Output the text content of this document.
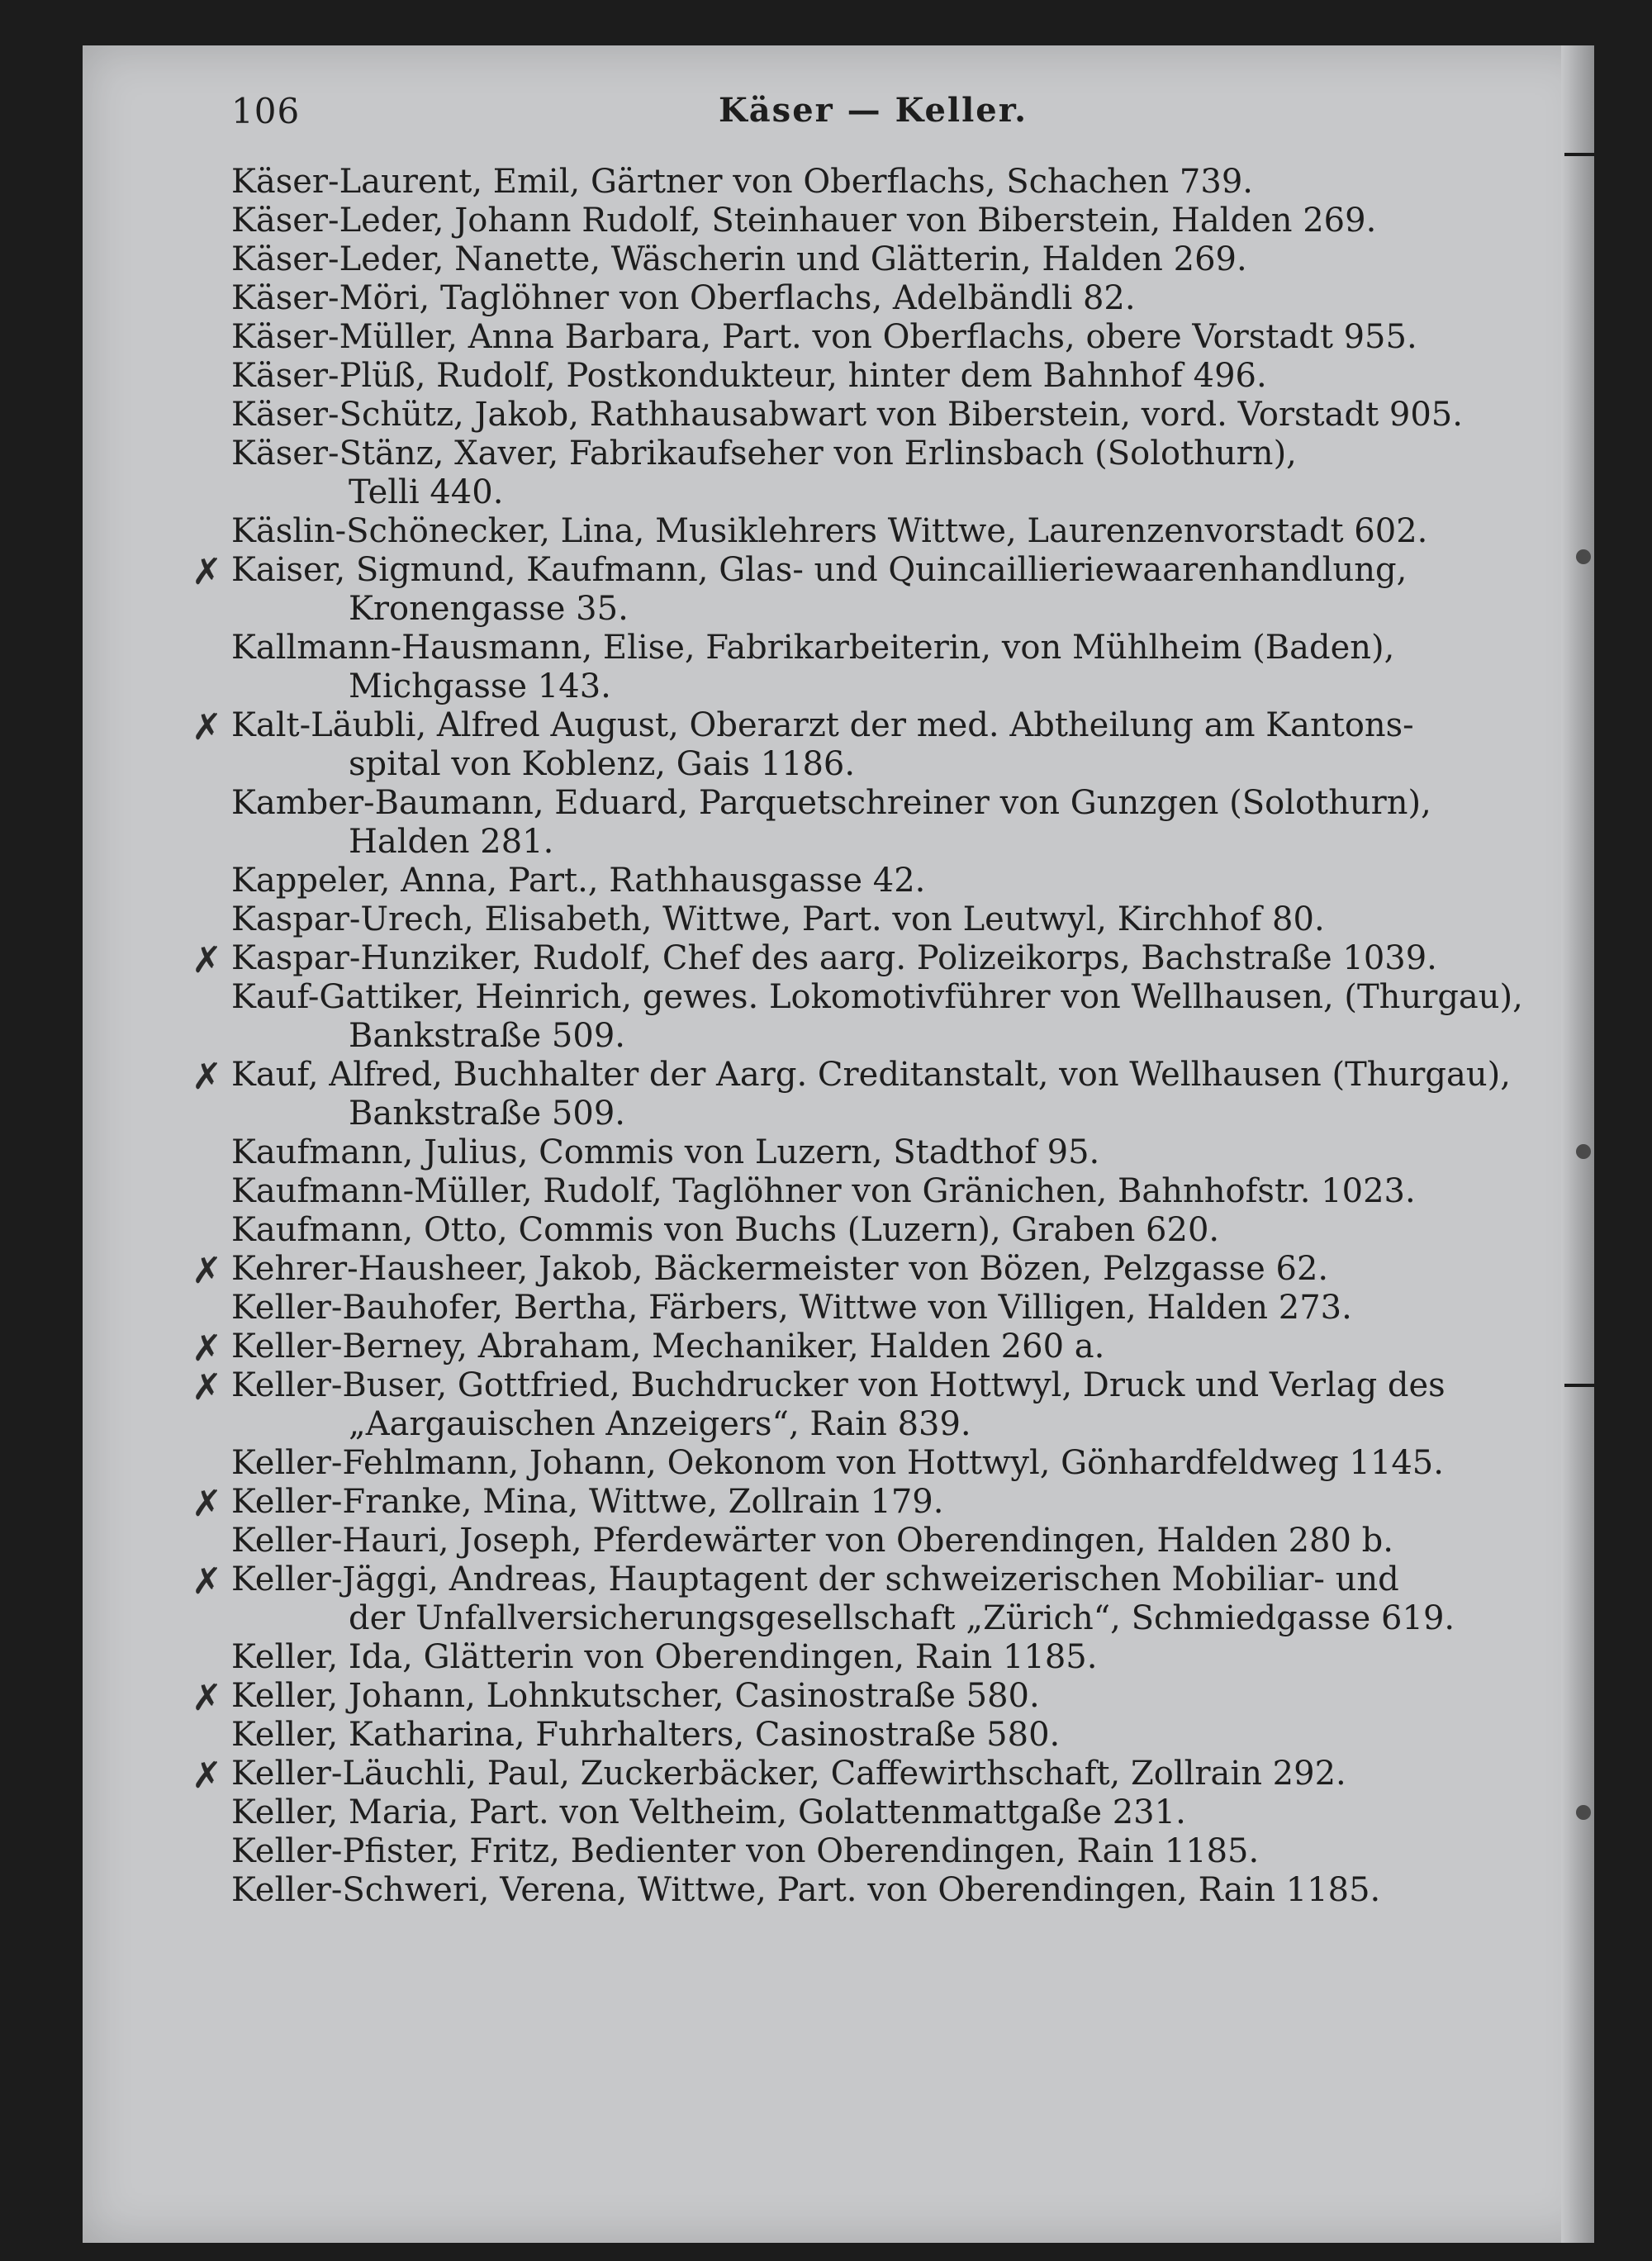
106	Käser — Keller.
Käser-Laurent, Emil, Gärtner von Oberflachs, Schachen 739.
Käser-Leder, Johann Rudolf, Steinhauer von Biberstein, Halden 269.
Käser-Leder, Nanette, Wäscherin und Glätterin, Halden 269.
Käser-Möri, Taglöhner von Oberflachs, Adelbändli 82.
Käser-Müller, Anna Barbara, Part. von Oberflachs, obere Vorstadt 955.
Käser-Plüß, Rudolf, Postkondukteur, hinter dem Bahnhof 496.
Käser-Schütz, Jakob, Rathhausabwart von Biberstein, vord. Vorstadt 905.
Käser-Stänz, Xaver, Fabrikaufseher von Erlinsbach (Solothurn),
Telli 440.
Käslin-Schönecker, Lina, Musiklehrers Wittwe, Laurenzenvorstadt 602.
✗ Kaiser, Sigmund, Kaufmann, Glas- und Quincaillieriewaarenhandlung,
Kronengasse 35.
Kallmann-Hausmann, Elise, Fabrikarbeiterin, von Mühlheim (Baden),
Michgasse 143.
✗ Kalt-Läubli, Alfred August, Oberarzt der med. Abtheilung am Kantons-
spital von Koblenz, Gais 1186.
Kamber-Baumann, Eduard, Parquetschreiner von Gunzgen (Solothurn),
Halden 281.
Kappeler, Anna, Part., Rathhausgasse 42.
Kaspar-Urech, Elisabeth, Wittwe, Part. von Leutwyl, Kirchhof 80.
✗ Kaspar-Hunziker, Rudolf, Chef des aarg. Polizeikorps, Bachstraße 1039.
Kauf-Gattiker, Heinrich, gewes. Lokomotivführer von Wellhausen, (Thurgau),
Bankstraße 509.
✗ Kauf, Alfred, Buchhalter der Aarg. Creditanstalt, von Wellhausen (Thurgau),
Bankstraße 509.
Kaufmann, Julius, Commis von Luzern, Stadthof 95.
Kaufmann-Müller, Rudolf, Taglöhner von Gränichen, Bahnhofstr. 1023.
Kaufmann, Otto, Commis von Buchs (Luzern), Graben 620.
✗ Kehrer-Hausheer, Jakob, Bäckermeister von Bözen, Pelzgasse 62.
Keller-Bauhofer, Bertha, Färbers, Wittwe von Villigen, Halden 273.
✗ Keller-Berney, Abraham, Mechaniker, Halden 260 a.
✗ Keller-Buser, Gottfried, Buchdrucker von Hottwyl, Druck und Verlag des
„Aargauischen Anzeigers“, Rain 839.
Keller-Fehlmann, Johann, Oekonom von Hottwyl, Gönhardfeldweg 1145.
✗ Keller-Franke, Mina, Wittwe, Zollrain 179.
Keller-Hauri, Joseph, Pferdewärter von Oberendingen, Halden 280 b.
✗ Keller-Jäggi, Andreas, Hauptagent der schweizerischen Mobiliar- und
der Unfallversicherungsgesellschaft „Zürich“, Schmiedgasse 619.
Keller, Ida, Glätterin von Oberendingen, Rain 1185.
✗ Keller, Johann, Lohnkutscher, Casinostraße 580.
Keller, Katharina, Fuhrhalters, Casinostraße 580.
✗ Keller-Läuchli, Paul, Zuckerbäcker, Caffewirthschaft, Zollrain 292.
Keller, Maria, Part. von Veltheim, Golattenmattgaße 231.
Keller-Pfister, Fritz, Bedienter von Oberendingen, Rain 1185.
Keller-Schweri, Verena, Wittwe, Part. von Oberendingen, Rain 1185.
